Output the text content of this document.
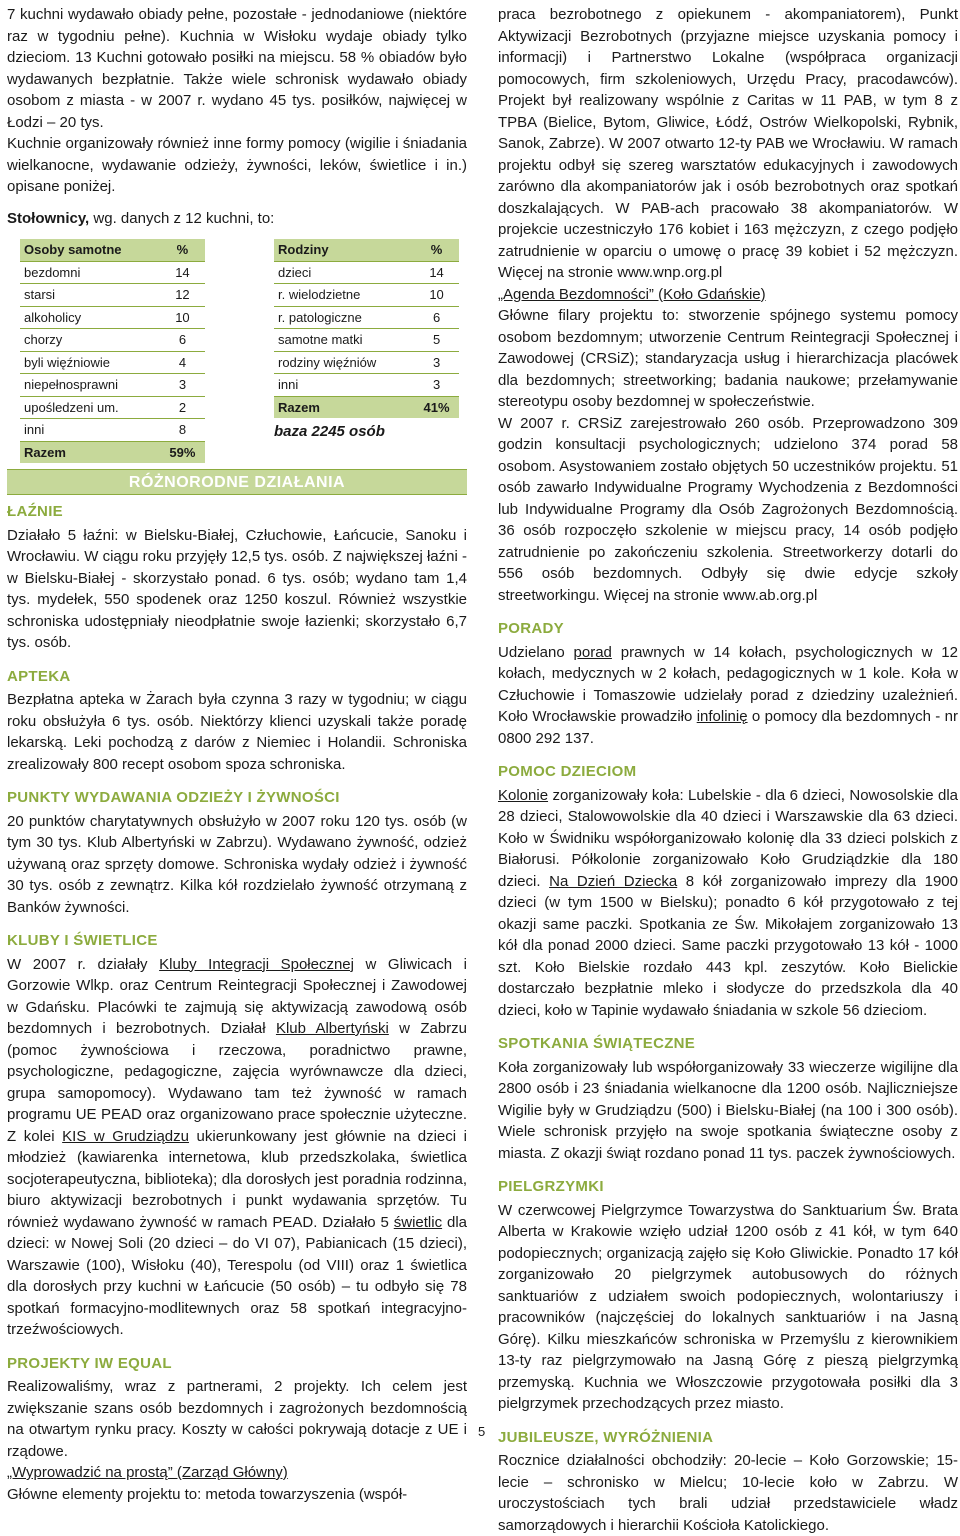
7 kuchni wydawało obiady pełne, pozostałe - jednodaniowe (niektóre raz w tygodniu pełne). Kuchnia w Wisłoku wydaje obiady tylko dzieciom. 13 Kuchni gotowało posiłki na miejscu. 58 % obiadów było wydawanych bezpłatnie. Także wiele schronisk wydawało obiady osobom z miasta - w 2007 r. wydano 45 tys. posiłków, najwięcej w Łodzi – 20 tys.

Kuchnie organizowały również inne formy pomocy (wigilie i śniadania wielkanocne, wydawanie odzieży, żywności, leków, świetlice i in.) opisane poniżej.

Stołownicy, wg. danych z 12 kuchni, to:

Osoby samotne	%
bezdomni	14
starsi	12
alkoholicy	10
chorzy	6
byli więźniowie	4
niepełnosprawni	3
upośledzeni um.	2
inni	8
Razem	59%
Rodziny	%
dzieci	14
r. wielodzietne	10
r. patologiczne	6
samotne matki	5
rodziny więźniów	3
inni	3
Razem	41%
baza 2245 osób
RÓŻNORODNE DZIAŁANIA
ŁAŹNIE

Działało 5 łaźni: w Bielsku-Białej, Człuchowie, Łańcucie, Sanoku i Wrocławiu. W ciągu roku przyjęły 12,5 tys. osób. Z największej łaźni - w Bielsku-Białej - skorzystało ponad. 6 tys. osób; wydano tam 1,4 tys. mydełek, 550 spodenek oraz 1250 koszul. Również wszystkie schroniska udostępniały nieodpłatnie swoje łazienki; skorzystało 6,7 tys. osób.

APTEKA

Bezpłatna apteka w Żarach była czynna 3 razy w tygodniu; w ciągu roku obsłużyła 6 tys. osób. Niektórzy klienci uzyskali także poradę lekarską. Leki pochodzą z darów z Niemiec i Holandii. Schroniska zrealizowały 800 recept osobom spoza schroniska.

PUNKTY WYDAWANIA ODZIEŻY I ŻYWNOŚCI

20 punktów charytatywnych obsłużyło w 2007 roku 120 tys. osób (w tym 30 tys. Klub Albertyński w Zabrzu). Wydawano żywność, odzież używaną oraz sprzęty domowe. Schroniska wydały odzież i żywność 30 tys. osób z zewnątrz. Kilka kół rozdzielało żywność otrzymaną z Banków żywności.

KLUBY I ŚWIETLICE

W 2007 r. działały Kluby Integracji Społecznej w Gliwicach i Gorzowie Wlkp. oraz Centrum Reintegracji Społecznej i Zawodowej w Gdańsku. Placówki te zajmują się aktywizacją zawodową osób bezdomnych i bezrobotnych. Działał Klub Albertyński w Zabrzu (pomoc żywnościowa i rzeczowa, poradnictwo prawne, psychologiczne, pedagogiczne, zajęcia wyrównawcze dla dzieci, grupa samopomocy). Wydawano tam też żywność w ramach programu UE PEAD oraz organizowano prace społecznie użyteczne. Z kolei KIS w Grudziądzu ukierunkowany jest głównie na dzieci i młodzież (kawiarenka internetowa, klub przedszkolaka, świetlica socjoterapeutyczna, biblioteka); dla dorosłych jest poradnia rodzinna, biuro aktywizacji bezrobotnych i punkt wydawania sprzętów. Tu również wydawano żywność w ramach PEAD. Działało 5 świetlic dla dzieci: w Nowej Soli (20 dzieci – do VI 07), Pabianicach (15 dzieci), Warszawie (100), Wisłoku (40), Terespolu (od VIII) oraz 1 świetlica dla dorosłych przy kuchni w Łańcucie (50 osób) – tu odbyło się 78 spotkań formacyjno-modlitewnych oraz 58 spotkań integracyjno-trzeźwościowych.

PROJEKTY IW EQUAL

Realizowaliśmy, wraz z partnerami, 2 projekty. Ich celem jest zwiększanie szans osób bezdomnych i zagrożonych bezdomnością na otwartym rynku pracy. Koszty w całości pokrywają dotacje z UE i rządowe.

„Wyprowadzić na prostą” (Zarząd Główny)

Główne elementy projektu to: metoda towarzyszenia (współ-

praca bezrobotnego z opiekunem - akompaniatorem), Punkt Aktywizacji Bezrobotnych (przyjazne miejsce uzyskania pomocy i informacji) i Partnerstwo Lokalne (współpraca organizacji pomocowych, firm szkoleniowych, Urzędu Pracy, pracodawców). Projekt był realizowany wspólnie z Caritas w 11 PAB, w tym 8 z TPBA (Bielice, Bytom, Gliwice, Łódź, Ostrów Wielkopolski, Rybnik, Sanok, Zabrze). W 2007 otwarto 12-ty PAB we Wrocławiu. W ramach projektu odbył się szereg warsztatów edukacyjnych i zawodowych zarówno dla akompaniatorów jak i osób bezrobotnych oraz spotkań doszkalających. W PAB-ach pracowało 38 akompaniatorów. W projekcie uczestniczyło 176 kobiet i 163 mężczyzn, z czego podjęło zatrudnienie w oparciu o umowę o pracę 39 kobiet i 52 mężczyzn. Więcej na stronie www.wnp.org.pl

„Agenda Bezdomności” (Koło Gdańskie)

Główne filary projektu to: stworzenie spójnego systemu pomocy osobom bezdomnym; utworzenie Centrum Reintegracji Społecznej i Zawodowej (CRSiZ); standaryzacja usług i hierarchizacja placówek dla bezdomnych; streetworking; badania naukowe; przełamywanie stereotypu osoby bezdomnej w społeczeństwie.

W 2007 r. CRSiZ zarejestrowało 260 osób. Przeprowadzono 309 godzin konsultacji psychologicznych; udzielono 374 porad 58 osobom. Asystowaniem zostało objętych 50 uczestników projektu. 51 osób zawarło Indywidualne Programy Wychodzenia z Bezdomności lub Indywidualne Programy dla Osób Zagrożonych Bezdomnością. 36 osób rozpoczęło szkolenie w miejscu pracy, 14 osób podjęło zatrudnienie po zakończeniu szkolenia. Streetworkerzy dotarli do 556 osób bezdomnych. Odbyły się dwie edycje szkoły streetworkingu. Więcej na stronie www.ab.org.pl

PORADY

Udzielano porad prawnych w 14 kołach, psychologicznych w 12 kołach, medycznych w 2 kołach, pedagogicznych w 1 kole. Koła w Człuchowie i Tomaszowie udzielały porad z dziedziny uzależnień. Koło Wrocławskie prowadziło infolinię o pomocy dla bezdomnych - nr 0800 292 137.

POMOC DZIECIOM

Kolonie zorganizowały koła: Lubelskie - dla 6 dzieci, Nowosolskie dla 28 dzieci, Stalowowolskie dla 40 dzieci i Warszawskie dla 63 dzieci. Koło w Świdniku współorganizowało kolonię dla 33 dzieci polskich z Białorusi. Półkolonie zorganizowało Koło Grudziądzkie dla 180 dzieci. Na Dzień Dziecka 8 kół zorganizowało imprezy dla 1900 dzieci (w tym 1500 w Bielsku); ponadto 6 kół przygotowało z tej okazji same paczki. Spotkania ze Św. Mikołajem zorganizowało 13 kół dla ponad 2000 dzieci. Same paczki przygotowało 13 kół - 1000 szt. Koło Bielskie rozdało 443 kpl. zeszytów. Koło Bielickie dostarczało bezpłatnie mleko i słodycze do przedszkola dla 40 dzieci, koło w Tapinie wydawało śniadania w szkole 56 dzieciom.

SPOTKANIA ŚWIĄTECZNE

Koła zorganizowały lub współorganizowały 33 wieczerze wigilijne dla 2800 osób i 23 śniadania wielkanocne dla 1200 osób. Najliczniejsze Wigilie były w Grudziądzu (500) i Bielsku-Białej (na 100 i 300 osób). Wiele schronisk przyjęło na swoje spotkania świąteczne osoby z miasta. Z okazji świąt rozdano ponad 11 tys. paczek żywnościowych.

PIELGRZYMKI

W czerwcowej Pielgrzymce Towarzystwa do Sanktuarium Św. Brata Alberta w Krakowie wzięło udział 1200 osób z 41 kół, w tym 640 podopiecznych; organizacją zajęło się Koło Gliwickie. Ponadto 17 kół zorganizowało 20 pielgrzymek autobusowych do różnych sanktuariów z udziałem swoich podopiecznych, wolontariuszy i pracowników (najczęściej do lokalnych sanktuariów i na Jasną Górę). Kilku mieszkańców schroniska w Przemyślu z kierownikiem 13-ty raz pielgrzymowało na Jasną Górę z pieszą pielgrzymką przemyską. Kuchnia we Włoszczowie przygotowała posiłki dla 3 pielgrzymek przechodzących przez miasto.

JUBILEUSZE, WYRÓŻNIENIA

Rocznice działalności obchodziły: 20-lecie – Koło Gorzowskie; 15-lecie – schronisko w Mielcu; 10-lecie koło w Zabrzu. W uroczystościach tych brali udział przedstawiciele władz samorządowych i hierarchii Kościoła Katolickiego.

5
